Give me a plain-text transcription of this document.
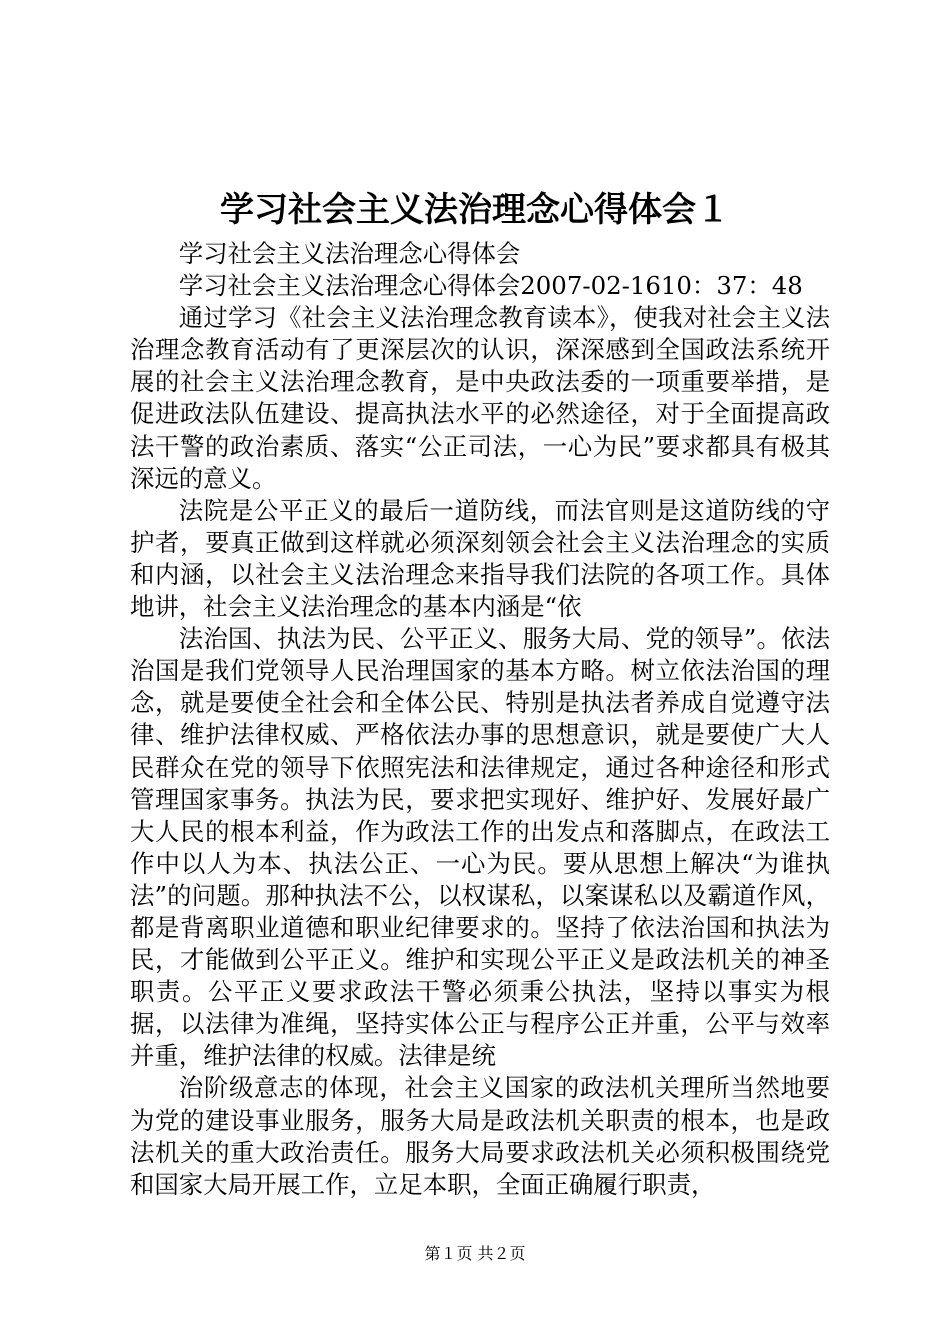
学习社会主义法治理念心得体会１

学习社会主义法治理念心得体会

学习社会主义法治理念心得体会2007-02-1610：37：48

通过学习《社会主义法治理念教育读本》，使我对社会主义法治理念教育活动有了更深层次的认识，深深感到全国政法系统开展的社会主义法治理念教育，是中央政法委的一项重要举措，是促进政法队伍建设、提高执法水平的必然途径，对于全面提高政法干警的政治素质、落实“公正司法，一心为民”要求都具有极其深远的意义。

法院是公平正义的最后一道防线，而法官则是这道防线的守护者，要真正做到这样就必须深刻领会社会主义法治理念的实质和内涵，以社会主义法治理念来指导我们法院的各项工作。具体地讲，社会主义法治理念的基本内涵是“依

法治国、执法为民、公平正义、服务大局、党的领导”。依法治国是我们党领导人民治理国家的基本方略。树立依法治国的理念，就是要使全社会和全体公民、特别是执法者养成自觉遵守法律、维护法律权威、严格依法办事的思想意识，就是要使广大人民群众在党的领导下依照宪法和法律规定，通过各种途径和形式管理国家事务。执法为民，要求把实现好、维护好、发展好最广大人民的根本利益，作为政法工作的出发点和落脚点，在政法工作中以人为本、执法公正、一心为民。要从思想上解决“为谁执法”的问题。那种执法不公，以权谋私，以案谋私以及霸道作风，都是背离职业道德和职业纪律要求的。坚持了依法治国和执法为民，才能做到公平正义。维护和实现公平正义是政法机关的神圣职责。公平正义要求政法干警必须秉公执法，坚持以事实为根据，以法律为准绳，坚持实体公正与程序公正并重，公平与效率并重，维护法律的权威。法律是统

治阶级意志的体现，社会主义国家的政法机关理所当然地要为党的建设事业服务，服务大局是政法机关职责的根本，也是政法机关的重大政治责任。服务大局要求政法机关必须积极围绕党和国家大局开展工作，立足本职，全面正确履行职责，

第１页 共２页
